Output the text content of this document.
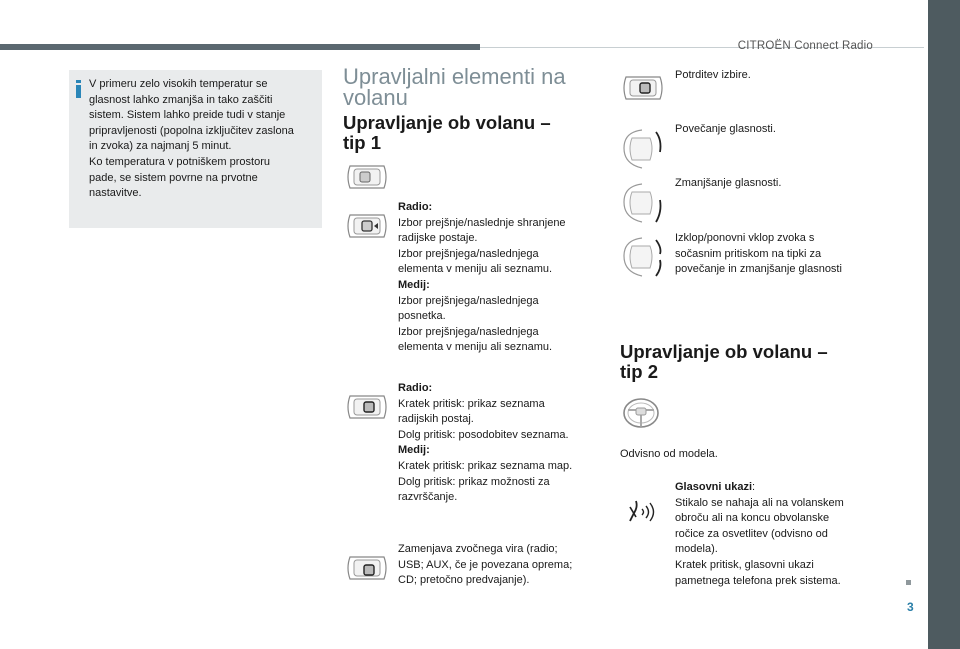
CITROËN Connect Radio
3
V primeru zelo visokih temperatur se
glasnost lahko zmanjša in tako zaščiti
sistem. Sistem lahko preide tudi v stanje
pripravljenosti (popolna izključitev zaslona
in zvoka) za najmanj 5 minut.
Ko temperatura v potniškem prostoru
pade, se sistem povrne na prvotne
nastavitve.
Upravljalni elementi na
volanu
Upravljanje ob volanu –
tip 1
Radio:
Izbor prejšnje/naslednje shranjene
radijske postaje.
Izbor prejšnjega/naslednjega
elementa v meniju ali seznamu.
Medij:
Izbor prejšnjega/naslednjega
posnetka.
Izbor prejšnjega/naslednjega
elementa v meniju ali seznamu.
Radio:
Kratek pritisk: prikaz seznama
radijskih postaj.
Dolg pritisk: posodobitev seznama.
Medij:
Kratek pritisk: prikaz seznama map.
Dolg pritisk: prikaz možnosti za
razvrščanje.
Zamenjava zvočnega vira (radio;
USB; AUX, če je povezana oprema;
CD; pretočno predvajanje).
Potrditev izbire.
Povečanje glasnosti.
Zmanjšanje glasnosti.
Izklop/ponovni vklop zvoka s
sočasnim pritiskom na tipki za
povečanje in zmanjšanje glasnosti
Upravljanje ob volanu –
tip 2
Odvisno od modela.
Glasovni ukazi:
Stikalo se nahaja ali na volanskem
obroču ali na koncu obvolanske
ročice za osvetlitev (odvisno od
modela).
Kratek pritisk, glasovni ukazi
pametnega telefona prek sistema.
